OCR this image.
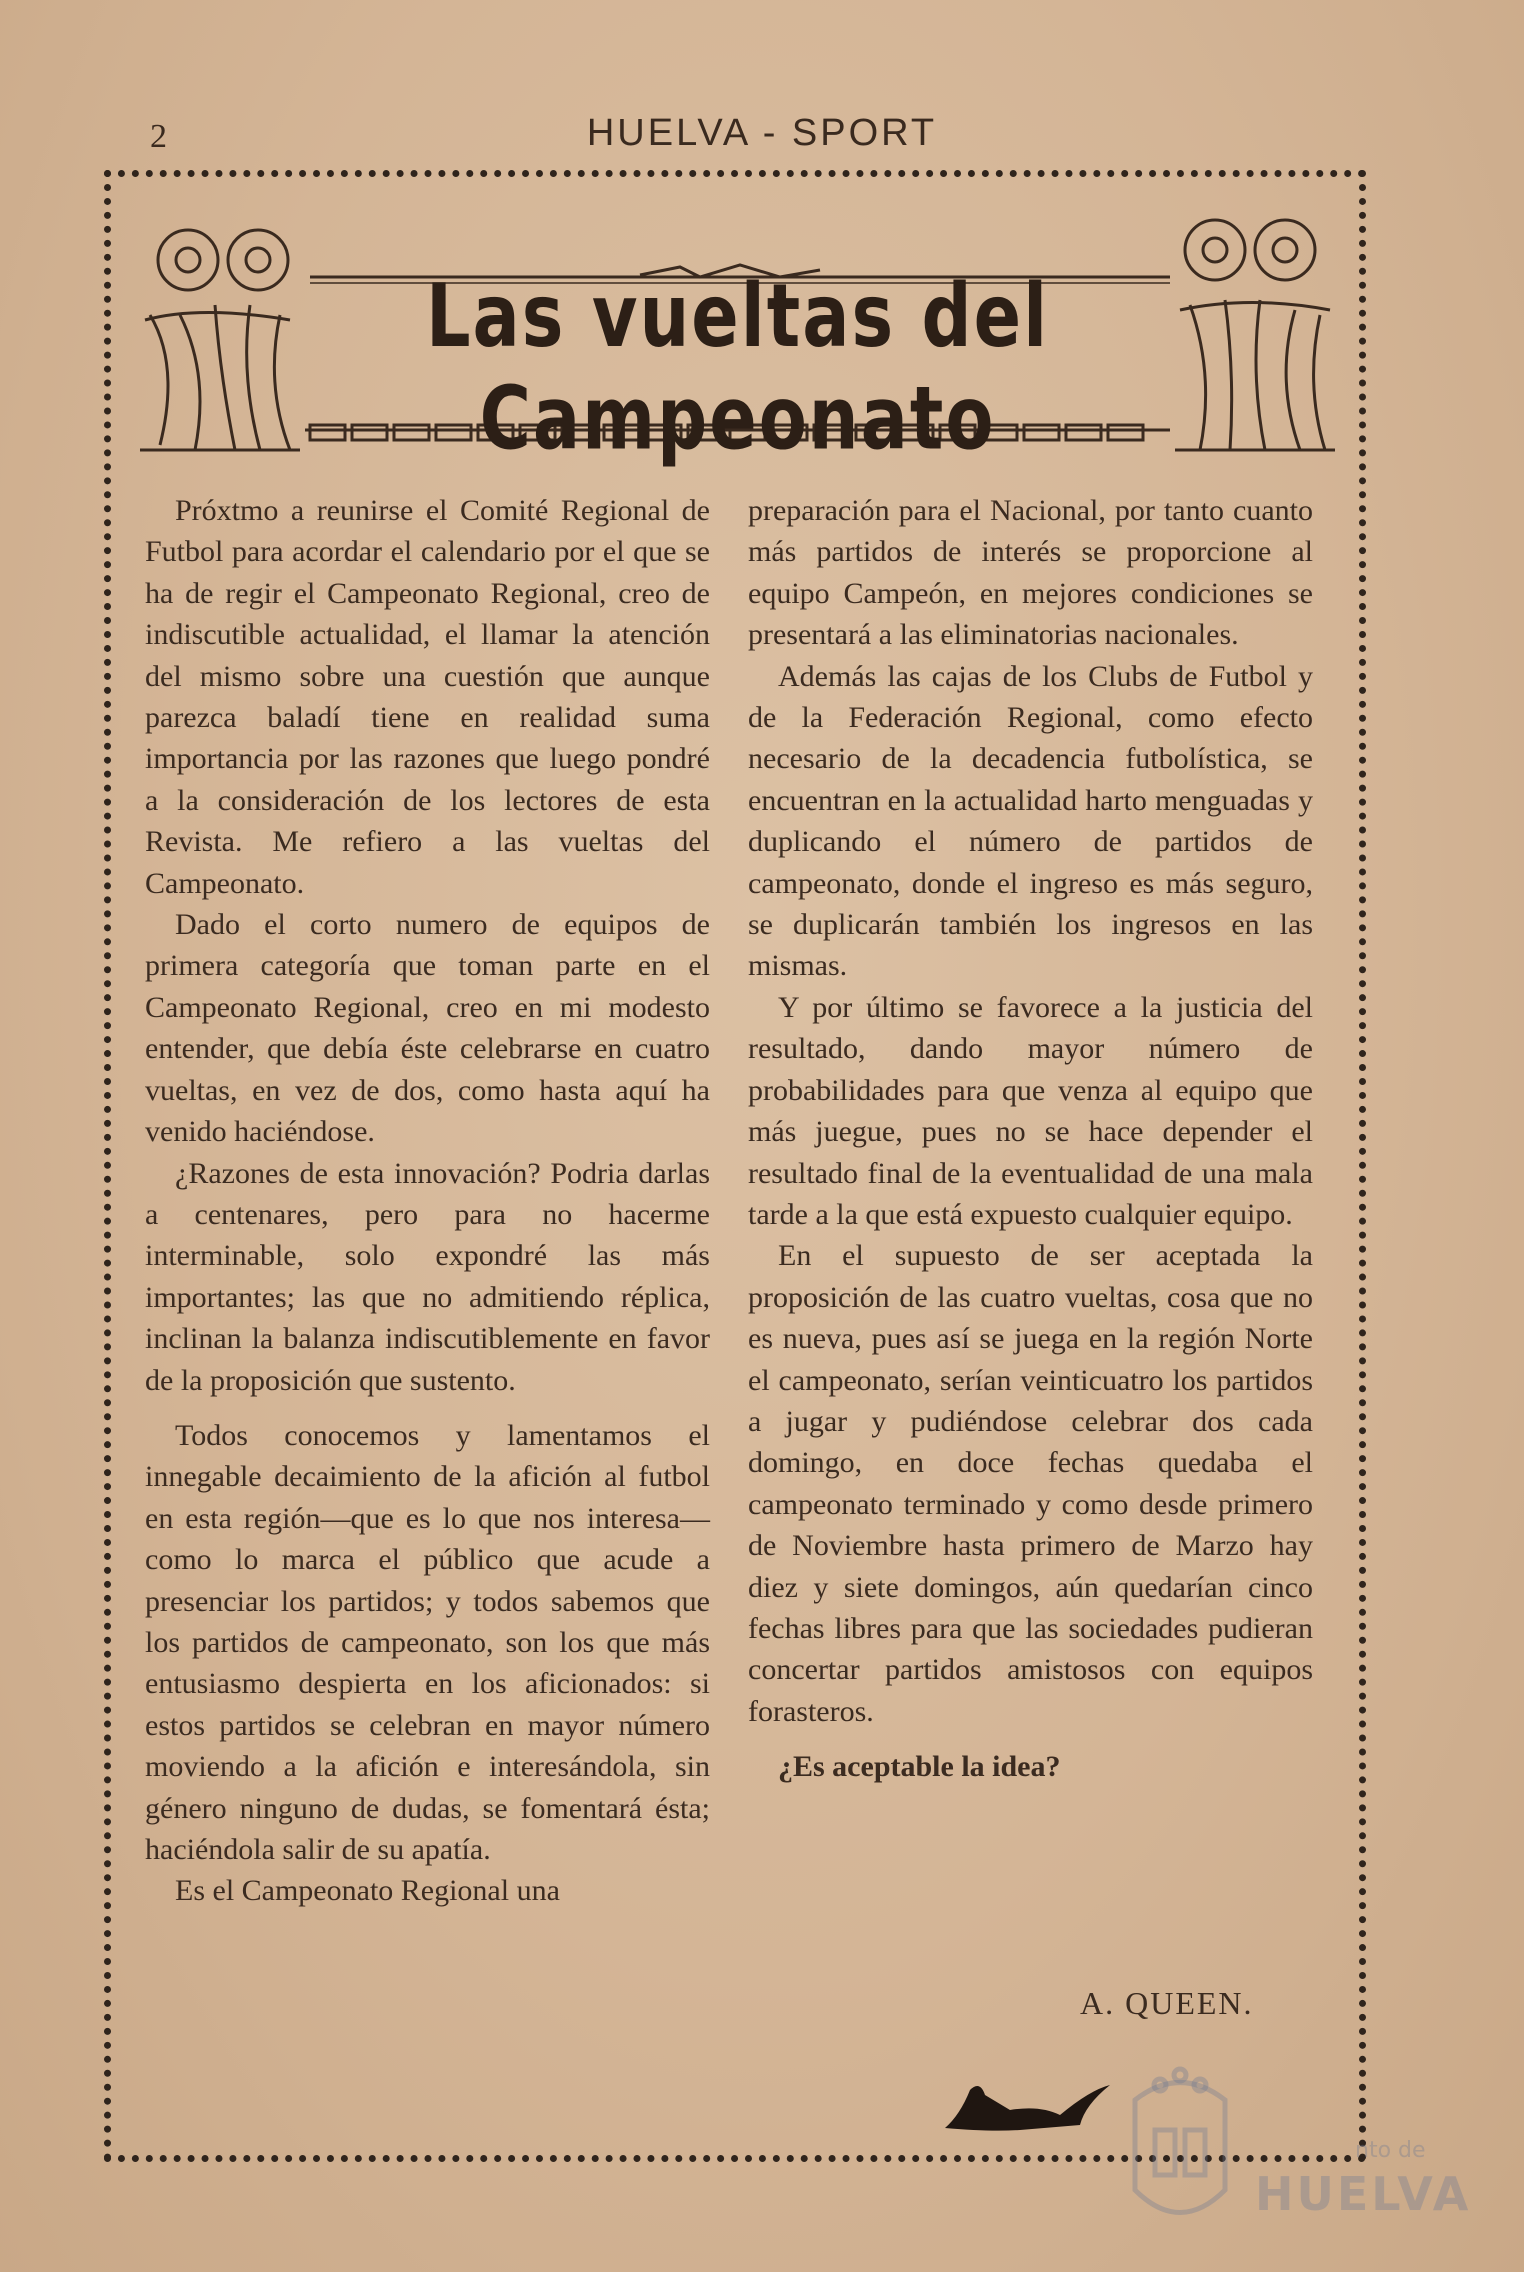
2	HUELVA - SPORT
Las vueltas del Campeonato

Próxtmo a reunirse el Comité Regional de Futbol para acordar el calendario por el que se ha de regir el Campeonato Regional, creo de indiscutible actualidad, el llamar la atención del mismo sobre una cuestión que aunque parezca baladí tiene en realidad suma importancia por las razones que luego pondré a la consideración de los lectores de esta Revista. Me refiero a las vueltas del Campeonato.

Dado el corto numero de equipos de primera categoría que toman parte en el Campeonato Regional, creo en mi modesto entender, que debía éste celebrarse en cuatro vueltas, en vez de dos, como hasta aquí ha venido haciéndose.

¿Razones de esta innovación? Podria darlas a centenares, pero para no hacerme interminable, solo expondré las más importantes; las que no admitiendo réplica, inclinan la balanza indiscutiblemente en favor de la proposición que sustento.

Todos conocemos y lamentamos el innegable decaimiento de la afición al futbol en esta región—que es lo que nos interesa—como lo marca el público que acude a presenciar los partidos; y todos sabemos que los partidos de campeonato, son los que más entusiasmo despierta en los aficionados: si estos partidos se celebran en mayor número moviendo a la afición e interesándola, sin género ninguno de dudas, se fomentará ésta; haciéndola salir de su apatía.

Es el Campeonato Regional una

preparación para el Nacional, por tanto cuanto más partidos de interés se proporcione al equipo Campeón, en mejores condiciones se presentará a las eliminatorias nacionales.

Además las cajas de los Clubs de Futbol y de la Federación Regional, como efecto necesario de la decadencia futbolística, se encuentran en la actualidad harto menguadas y duplicando el número de partidos de campeonato, donde el ingreso es más seguro, se duplicarán también los ingresos en las mismas.

Y por último se favorece a la justicia del resultado, dando mayor número de probabilidades para que venza al equipo que más juegue, pues no se hace depender el resultado final de la eventualidad de una mala tarde a la que está expuesto cualquier equipo.

En el supuesto de ser aceptada la proposición de las cuatro vueltas, cosa que no es nueva, pues así se juega en la región Norte el campeonato, serían veinticuatro los partidos a jugar y pudiéndose celebrar dos cada domingo, en doce fechas quedaba el campeonato terminado y como desde primero de Noviembre hasta primero de Marzo hay diez y siete domingos, aún quedarían cinco fechas libres para que las sociedades pudieran concertar partidos amistosos con equipos forasteros.

¿Es aceptable la idea?

A. QUEEN.
nto de
HUELVA
